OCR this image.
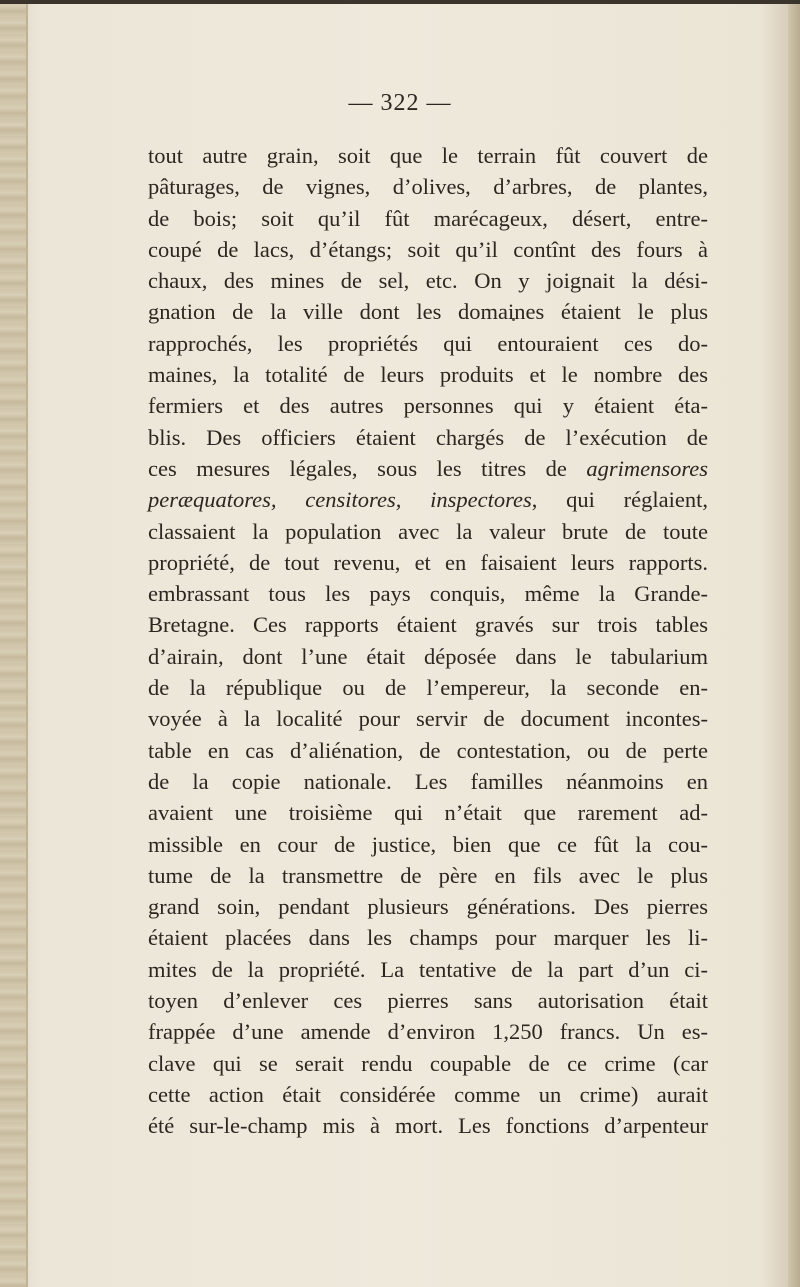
— 322 —
tout autre grain, soit que le terrain fût couvert de
pâturages, de vignes, d’olives, d’arbres, de plantes,
de bois; soit qu’il fût marécageux, désert, entre-
coupé de lacs, d’étangs; soit qu’il contînt des fours à
chaux, des mines de sel, etc. On y joignait la dési-
gnation de la ville dont les domaines étaient le plus
rapprochés, les propriétés qui entouraient ces do-
maines, la totalité de leurs produits et le nombre des
fermiers et des autres personnes qui y étaient éta-
blis. Des officiers étaient chargés de l’exécution de
ces mesures légales, sous les titres de agrimensores
peræquatores, censitores, inspectores, qui réglaient,
classaient la population avec la valeur brute de toute
propriété, de tout revenu, et en faisaient leurs rapports.
embrassant tous les pays conquis, même la Grande-
Bretagne. Ces rapports étaient gravés sur trois tables
d’airain, dont l’une était déposée dans le tabularium
de la république ou de l’empereur, la seconde en-
voyée à la localité pour servir de document incontes-
table en cas d’aliénation, de contestation, ou de perte
de la copie nationale. Les familles néanmoins en
avaient une troisième qui n’était que rarement ad-
missible en cour de justice, bien que ce fût la cou-
tume de la transmettre de père en fils avec le plus
grand soin, pendant plusieurs générations. Des pierres
étaient placées dans les champs pour marquer les li-
mites de la propriété. La tentative de la part d’un ci-
toyen d’enlever ces pierres sans autorisation était
frappée d’une amende d’environ 1,250 francs. Un es-
clave qui se serait rendu coupable de ce crime (car
cette action était considérée comme un crime) aurait
été sur-le-champ mis à mort. Les fonctions d’arpenteur
